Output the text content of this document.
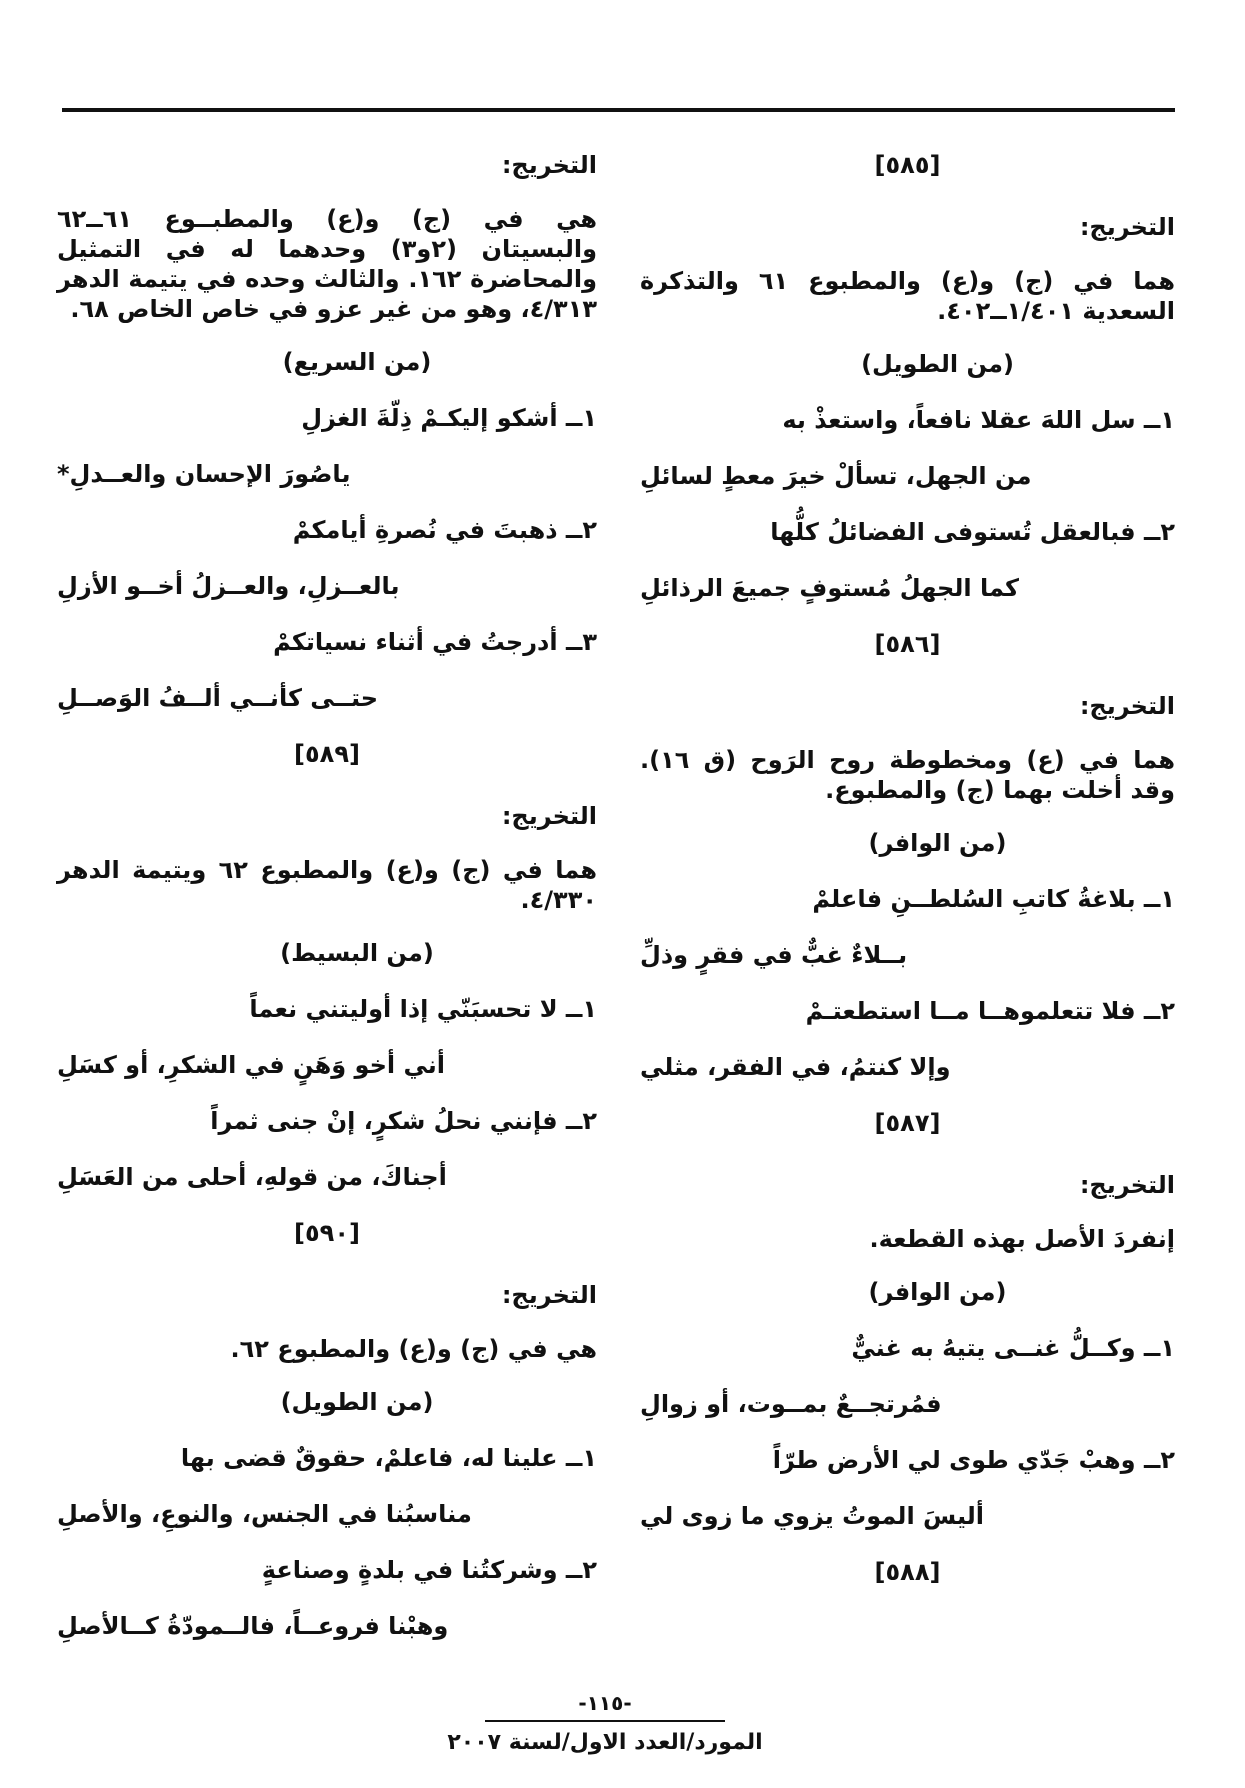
[٥٨٥]
التخريج:
هما في (ج) و(ع) والمطبوع ٦١ والتذكرة السعدية ١/٤٠١ــ٤٠٢.
(من الطويل)
١ــ سل اللهَ عقلا نافعاً، واستعذْ به
من الجهل، تسألْ خيرَ معطٍ لسائلِ
٢ــ فبالعقل تُستوفى الفضائلُ كلُّها
كما الجهلُ مُستوفٍ جميعَ الرذائلِ
[٥٨٦]
التخريج:
هما في (ع) ومخطوطة روح الرَوح (ق ١٦). وقد أخلت بهما (ج) والمطبوع.
(من الوافر)
١ــ بلاغةُ كاتبِ السُلطــنِ فاعلمْ
بــلاءٌ غبٌّ في فقرٍ وذلِّ
٢ــ فلا تتعلموهــا مــا استطعتـمْ
وإلا كنتمُ، في الفقر، مثلي
[٥٨٧]
التخريج:
إنفردَ الأصل بهذه القطعة.
(من الوافر)
١ــ وكــلُّ غنــى يتيهُ به غنيٌّ
فمُرتجــعٌ بمــوت، أو زوالِ
٢ــ وهبْ جَدّي طوى لي الأرض طرّاً
أليسَ الموتُ يزوي ما زوى لي
[٥٨٨]
التخريج:
هي في (ج) و(ع) والمطبــوع ٦١ــ٦٢ والبسيتان (٢و٣) وحدهما له في التمثيل والمحاضرة ١٦٢. والثالث وحده في يتيمة الدهر ٤/٣١٣، وهو من غير عزو في خاص الخاص ٦٨.
(من السريع)
١ــ أشكو إليكـمْ ذِلّةَ الغزلِ
ياصُورَ الإحسان والعــدلِ*
٢ــ ذهبتَ في نُصرةِ أيامكمْ
بالعــزلِ، والعــزلُ أخــو الأزلِ
٣ــ أدرجتُ في أثناء نسياتكمْ
حتــى كأنــي ألــفُ الوَصــلِ
[٥٨٩]
التخريج:
هما في (ج) و(ع) والمطبوع ٦٢ ويتيمة الدهر ٤/٣٣٠.
(من البسيط)
١ــ لا تحسبَنّي إذا أوليتني نعماً
أني أخو وَهَنٍ في الشكرِ، أو كسَلِ
٢ــ فإنني نحلُ شكرٍ، إنْ جنى ثمراً
أجناكَ، من قولهِ، أحلى من العَسَلِ
[٥٩٠]
التخريج:
هي في (ج) و(ع) والمطبوع ٦٢.
(من الطويل)
١ــ علينا له، فاعلمْ، حقوقٌ قضى بها
مناسبُنا في الجنس، والنوعِ، والأصلِ
٢ــ وشركتُنا في بلدةٍ وصناعةٍ
وهبْنا فروعــاً، فالــمودّةُ كــالأصلِ
-١١٥-
المورد/العدد الاول/لسنة ٢٠٠٧
